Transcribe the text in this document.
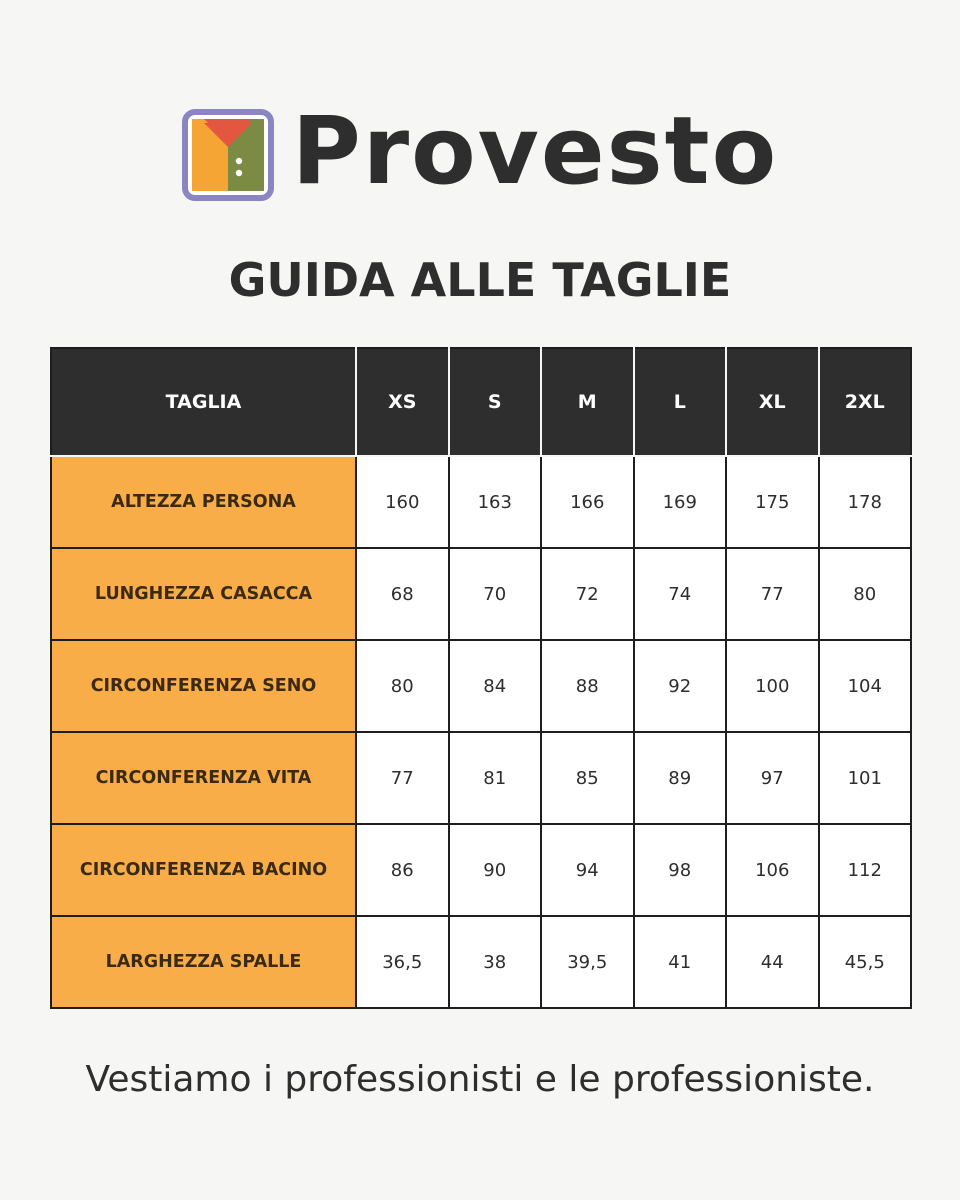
Provesto
GUIDA ALLE TAGLIE
TAGLIA	XS	S	M	L	XL	2XL
ALTEZZA PERSONA	160	163	166	169	175	178
LUNGHEZZA CASACCA	68	70	72	74	77	80
CIRCONFERENZA SENO	80	84	88	92	100	104
CIRCONFERENZA VITA	77	81	85	89	97	101
CIRCONFERENZA BACINO	86	90	94	98	106	112
LARGHEZZA SPALLE	36,5	38	39,5	41	44	45,5

Vestiamo i professionisti e le professioniste.
